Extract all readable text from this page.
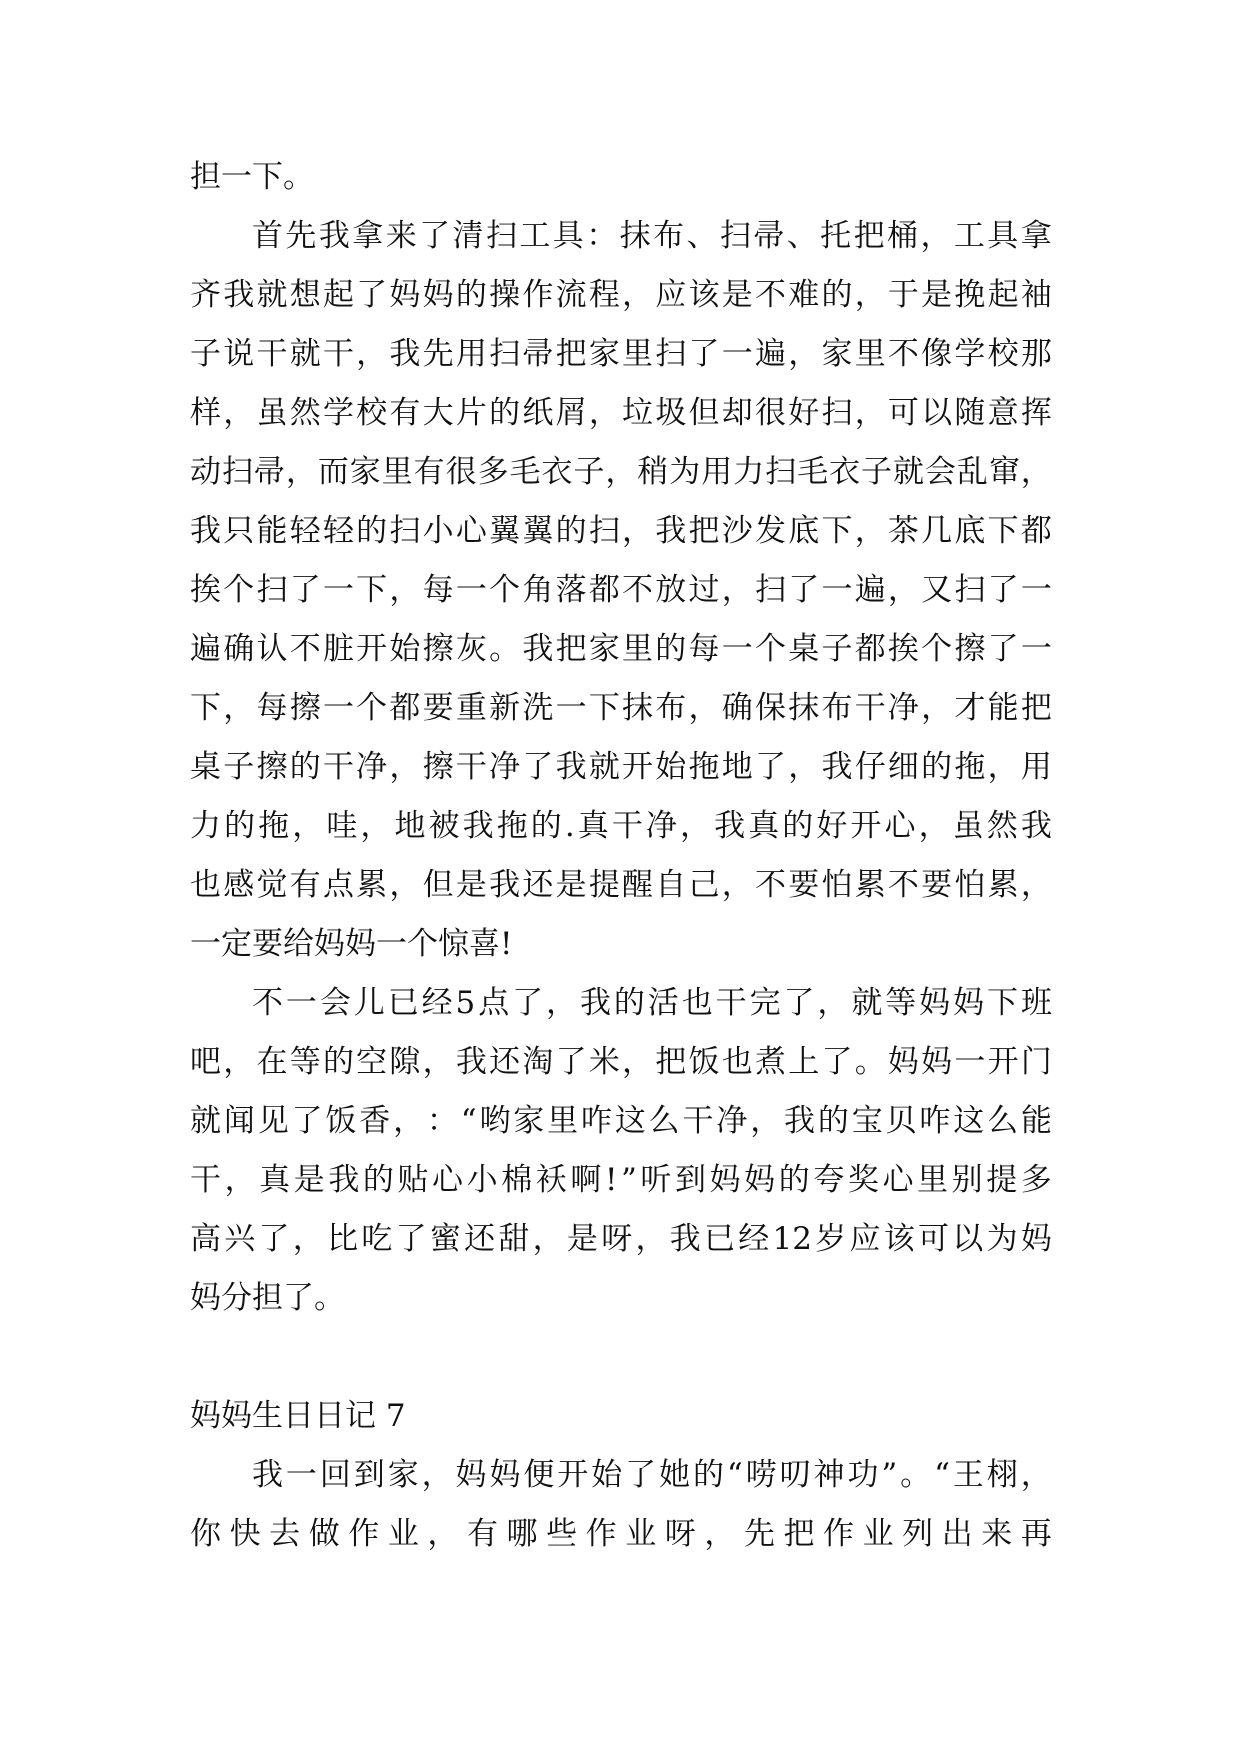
担一下。
首 先 我 拿 来 了 清 扫 工 具 ： 抹 布 、 扫 帚 、 托 把 桶 ， 工 具 拿
齐 我 就 想 起 了 妈 妈 的 操 作 流 程 ， 应 该 是 不 难 的 ， 于 是 挽 起 袖
子 说 干 就 干 ， 我 先 用 扫 帚 把 家 里 扫 了 一 遍 ， 家 里 不 像 学 校 那
样 ， 虽 然 学 校 有 大 片 的 纸 屑 ， 垃 圾 但 却 很 好 扫 ， 可 以 随 意 挥
动 扫 帚 ， 而 家 里 有 很 多 毛 衣 子 ， 稍 为 用 力 扫 毛 衣 子 就 会 乱 窜 ，
我 只 能 轻 轻 的 扫 小 心 翼 翼 的 扫 ， 我 把 沙 发 底 下 ， 茶 几 底 下 都
挨 个 扫 了 一 下 ， 每 一 个 角 落 都 不 放 过 ， 扫 了 一 遍 ， 又 扫 了 一
遍 确 认 不 脏 开 始 擦 灰 。 我 把 家 里 的 每 一 个 桌 子 都 挨 个 擦 了 一
下 ， 每 擦 一 个 都 要 重 新 洗 一 下 抹 布 ， 确 保 抹 布 干 净 ， 才 能 把
桌 子 擦 的 干 净 ， 擦 干 净 了 我 就 开 始 拖 地 了 ， 我 仔 细 的 拖 ， 用
力 的 拖 ， 哇 ， 地 被 我 拖 的 . 真 干 净 ， 我 真 的 好 开 心 ， 虽 然 我
也 感 觉 有 点 累 ， 但 是 我 还 是 提 醒 自 己 ， 不 要 怕 累 不 要 怕 累 ，
一定要给妈妈一个惊喜!
不 一 会 儿 已 经 5 点 了 ， 我 的 活 也 干 完 了 ， 就 等 妈 妈 下 班
吧 ， 在 等 的 空 隙 ， 我 还 淘 了 米 ， 把 饭 也 煮 上 了 。 妈 妈 一 开 门
就 闻 见 了 饭 香 ， ： “ 哟 家 里 咋 这 么 干 净 ， 我 的 宝 贝 咋 这 么 能
干 ， 真 是 我 的 贴 心 小 棉 袄 啊 ! ” 听 到 妈 妈 的 夸 奖 心 里 别 提 多
高 兴 了 ， 比 吃 了 蜜 还 甜 ， 是 呀 ， 我 已 经 12 岁 应 该 可 以 为 妈
妈分担了。
妈妈生日日记 7
我 一 回 到 家 ， 妈 妈 便 开 始 了 她 的 “ 唠 叨 神 功 ” 。 “ 王 栩 ，
你 快 去 做 作 业 ， 有 哪 些 作 业 呀 ， 先 把 作 业 列 出 来 再
